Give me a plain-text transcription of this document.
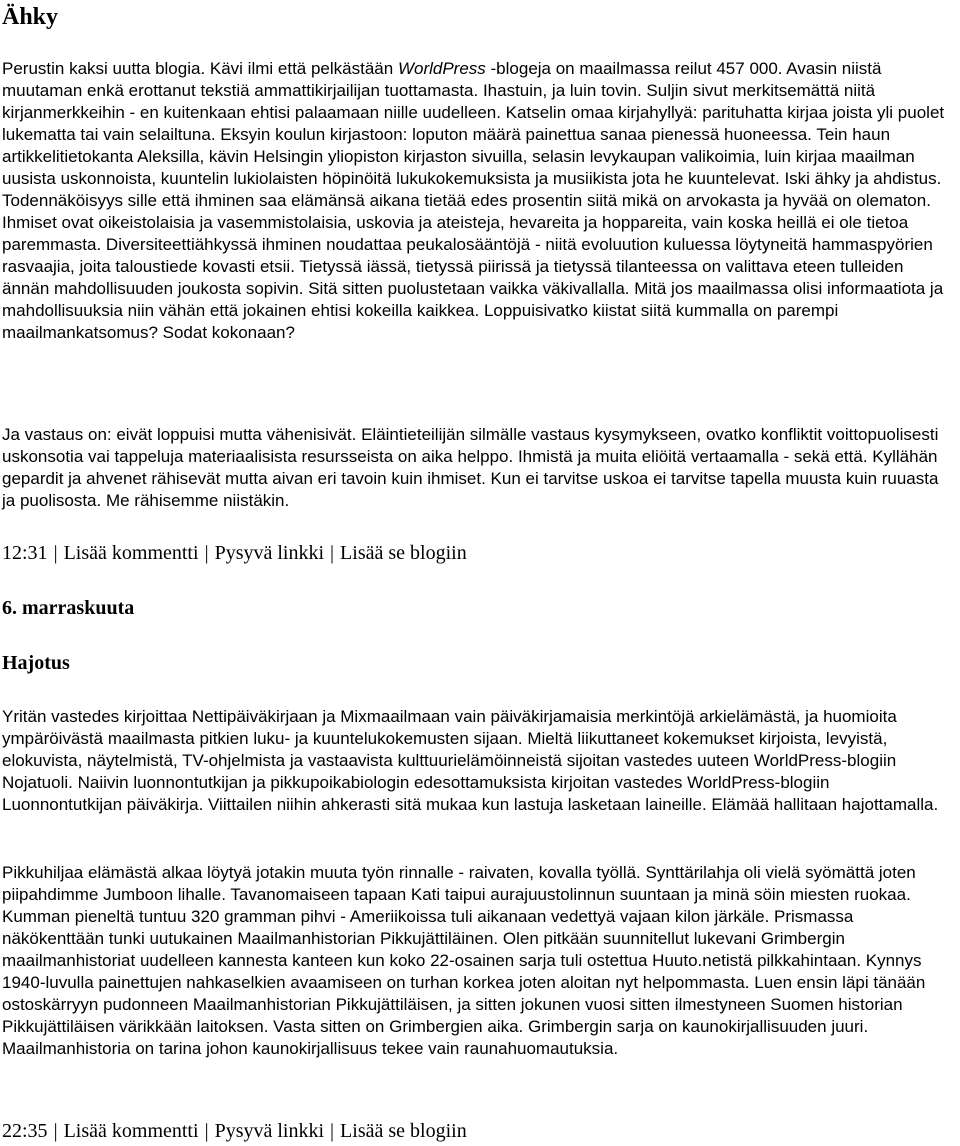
Ähky

Perustin kaksi uutta blogia. Kävi ilmi että pelkästään WorldPress -blogeja on maailmassa reilut 457 000. Avasin niistä muutaman enkä erottanut tekstiä ammattikirjailijan tuottamasta. Ihastuin, ja luin tovin. Suljin sivut merkitsemättä niitä kirjanmerkkeihin - en kuitenkaan ehtisi palaamaan niille uudelleen. Katselin omaa kirjahyllyä: parituhatta kirjaa joista yli puolet lukematta tai vain selailtuna. Eksyin koulun kirjastoon: loputon määrä painettua sanaa pienessä huoneessa. Tein haun artikkelitietokanta Aleksilla, kävin Helsingin yliopiston kirjaston sivuilla, selasin levykaupan valikoimia, luin kirjaa maailman uusista uskonnoista, kuuntelin lukiolaisten höpinöitä lukukokemuksista ja musiikista jota he kuuntelevat. Iski ähky ja ahdistus. Todennäköisyys sille että ihminen saa elämänsä aikana tietää edes prosentin siitä mikä on arvokasta ja hyvää on olematon. Ihmiset ovat oikeistolaisia ja vasemmistolaisia, uskovia ja ateisteja, hevareita ja hoppareita, vain koska heillä ei ole tietoa paremmasta. Diversiteettiähkyssä ihminen noudattaa peukalosääntöjä - niitä evoluution kuluessa löytyneitä hammaspyörien rasvaajia, joita taloustiede kovasti etsii. Tietyssä iässä, tietyssä piirissä ja tietyssä tilanteessa on valittava eteen tulleiden ännän mahdollisuuden joukosta sopivin. Sitä sitten puolustetaan vaikka väkivallalla. Mitä jos maailmassa olisi informaatiota ja mahdollisuuksia niin vähän että jokainen ehtisi kokeilla kaikkea. Loppuisivatko kiistat siitä kummalla on parempi maailmankatsomus? Sodat kokonaan?

Ja vastaus on: eivät loppuisi mutta vähenisivät. Eläintieteilijän silmälle vastaus kysymykseen, ovatko konfliktit voittopuolisesti uskonsotia vai tappeluja materiaalisista resursseista on aika helppo. Ihmistä ja muita eliöitä vertaamalla - sekä että. Kyllähän gepardit ja ahvenet rähisevät mutta aivan eri tavoin kuin ihmiset. Kun ei tarvitse uskoa ei tarvitse tapella muusta kuin ruuasta ja puolisosta. Me rähisemme niistäkin.

12:31 | Lisää kommentti | Pysyvä linkki | Lisää se blogiin
6. marraskuuta
Hajotus

Yritän vastedes kirjoittaa Nettipäiväkirjaan ja Mixmaailmaan vain päiväkirjamaisia merkintöjä arkielämästä, ja huomioita ympäröivästä maailmasta pitkien luku- ja kuuntelukokemusten sijaan. Mieltä liikuttaneet kokemukset kirjoista, levyistä, elokuvista, näytelmistä, TV-ohjelmista ja vastaavista kulttuurielämöinneistä sijoitan vastedes uuteen WorldPress-blogiin Nojatuoli. Naiivin luonnontutkijan ja pikkupoikabiologin edesottamuksista kirjoitan vastedes WorldPress-blogiin Luonnontutkijan päiväkirja. Viittailen niihin ahkerasti sitä mukaa kun lastuja lasketaan laineille. Elämää hallitaan hajottamalla.

Pikkuhiljaa elämästä alkaa löytyä jotakin muuta työn rinnalle - raivaten, kovalla työllä. Synttärilahja oli vielä syömättä joten piipahdimme Jumboon lihalle. Tavanomaiseen tapaan Kati taipui aurajuustolinnun suuntaan ja minä söin miesten ruokaa. Kumman pieneltä tuntuu 320 gramman pihvi - Ameriikoissa tuli aikanaan vedettyä vajaan kilon järkäle. Prismassa näkökenttään tunki uutukainen Maailmanhistorian Pikkujättiläinen. Olen pitkään suunnitellut lukevani Grimbergin maailmanhistoriat uudelleen kannesta kanteen kun koko 22-osainen sarja tuli ostettua Huuto.netistä pilkkahintaan. Kynnys 1940-luvulla painettujen nahkaselkien avaamiseen on turhan korkea joten aloitan nyt helpommasta. Luen ensin läpi tänään ostoskärryyn pudonneen Maailmanhistorian Pikkujättiläisen, ja sitten jokunen vuosi sitten ilmestyneen Suomen historian Pikkujättiläisen värikkään laitoksen. Vasta sitten on Grimbergien aika. Grimbergin sarja on kaunokirjallisuuden juuri. Maailmanhistoria on tarina johon kaunokirjallisuus tekee vain raunahuomautuksia.

22:35 | Lisää kommentti | Pysyvä linkki | Lisää se blogiin
